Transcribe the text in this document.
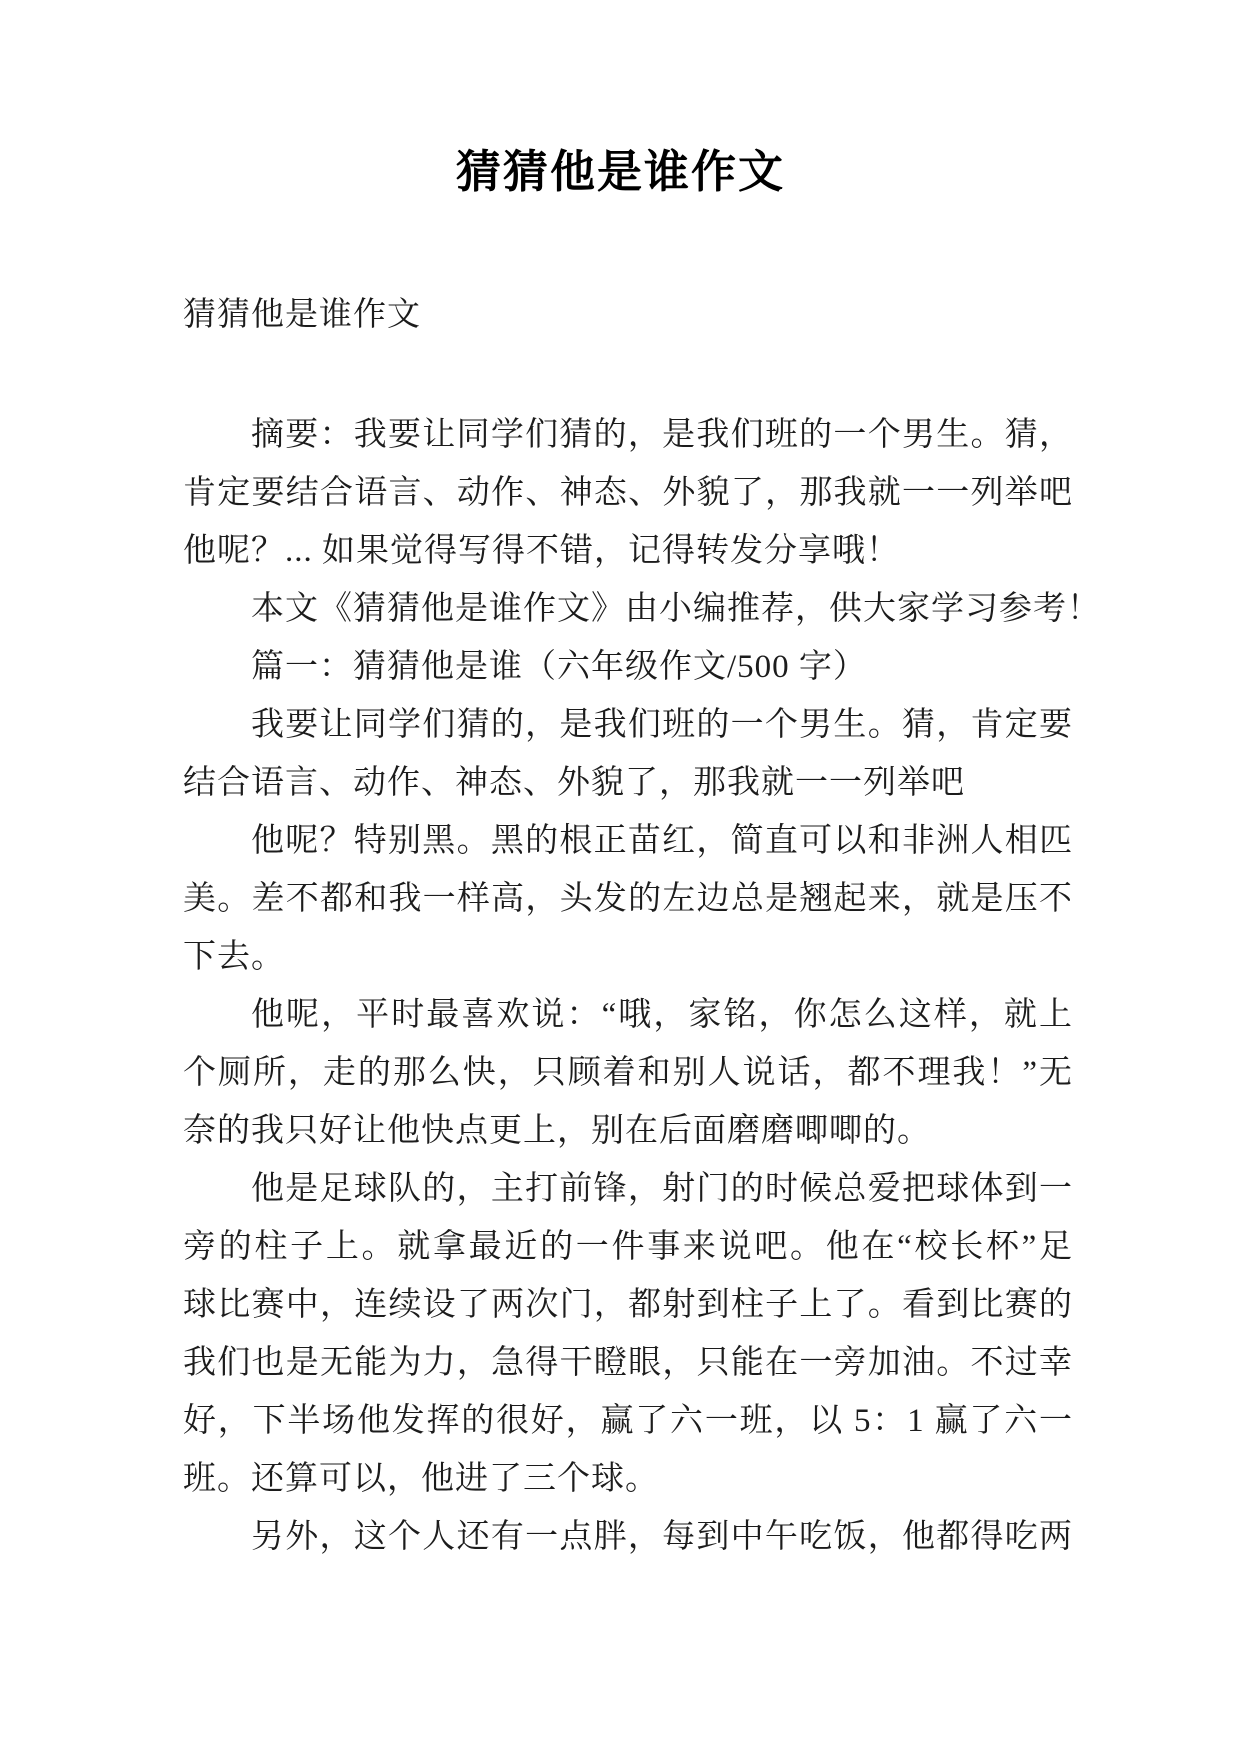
猜猜他是谁作文
猜猜他是谁作文
摘要：我要让同学们猜的，是我们班的一个男生。猜，
肯定要结合语言、动作、神态、外貌了，那我就一一列举吧
他呢？... 如果觉得写得不错，记得转发分享哦！
本文《猜猜他是谁作文》由小编推荐，供大家学习参考！
篇一：猜猜他是谁（六年级作文/500 字）
我要让同学们猜的，是我们班的一个男生。猜，肯定要
结合语言、动作、神态、外貌了，那我就一一列举吧
他呢？特别黑。黑的根正苗红，简直可以和非洲人相匹
美。差不都和我一样高，头发的左边总是翘起来，就是压不
下去。
他呢，平时最喜欢说：“哦，家铭，你怎么这样，就上
个厕所，走的那么快，只顾着和别人说话，都不理我！”无
奈的我只好让他快点更上，别在后面磨磨唧唧的。
他是足球队的，主打前锋，射门的时候总爱把球体到一
旁的柱子上。就拿最近的一件事来说吧。他在“校长杯”足
球比赛中，连续设了两次门，都射到柱子上了。看到比赛的
我们也是无能为力，急得干瞪眼，只能在一旁加油。不过幸
好，下半场他发挥的很好，赢了六一班，以 5：1 赢了六一
班。还算可以，他进了三个球。
另外，这个人还有一点胖，每到中午吃饭，他都得吃两
